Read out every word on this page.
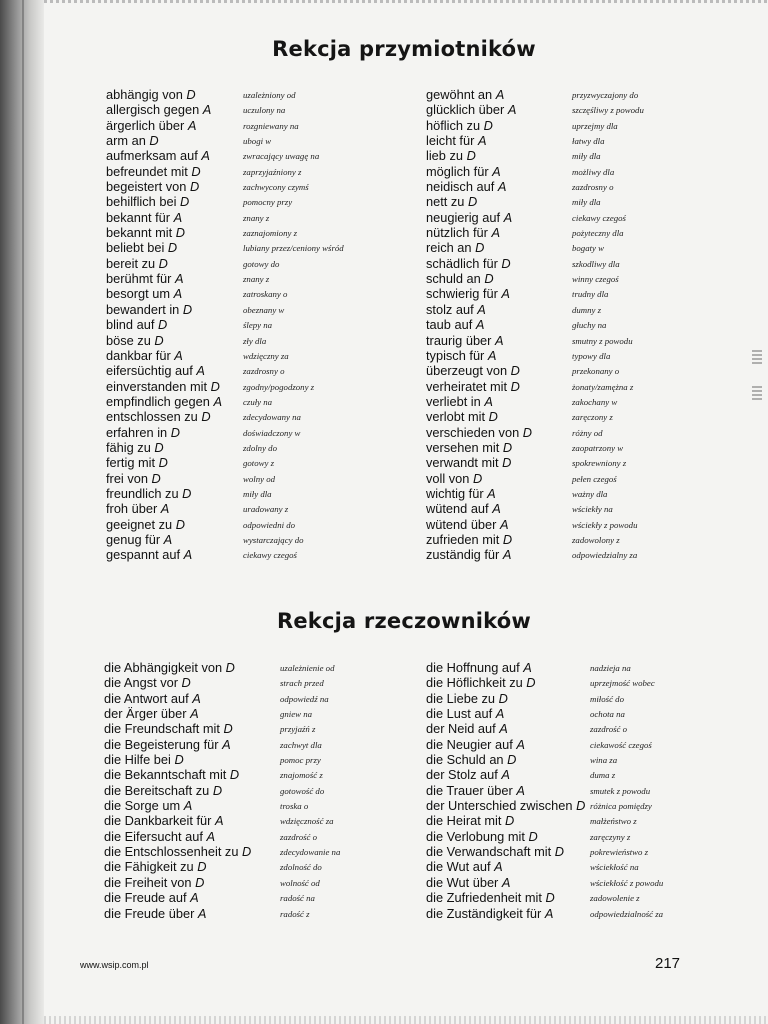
Rekcja przymiotników
abhängig von D	uzależniony od
allergisch gegen A	uczulony na
ärgerlich über A	rozgniewany na
arm an D	ubogi w
aufmerksam auf A	zwracający uwagę na
befreundet mit D	zaprzyjaźniony z
begeistert von D	zachwycony czymś
behilflich bei D	pomocny przy
bekannt für A	znany z
bekannt mit D	zaznajomiony z
beliebt bei D	lubiany przez/ceniony wśród
bereit zu D	gotowy do
berühmt für A	znany z
besorgt um A	zatroskany o
bewandert in D	obeznany w
blind auf D	ślepy na
böse zu D	zły dla
dankbar für A	wdzięczny za
eifersüchtig auf A	zazdrosny o
einverstanden mit D	zgodny/pogodzony z
empfindlich gegen A czuły na
entschlossen zu D	zdecydowany na
erfahren in D	doświadczony w
fähig zu D	zdolny do
fertig mit D	gotowy z
frei von D	wolny od
freundlich zu D	miły dla
froh über A	uradowany z
geeignet zu D	odpowiedni do
genug für A	wystarczający do
gespannt auf A	ciekawy czegoś
gewöhnt an A	przyzwyczajony do
glücklich über A	szczęśliwy z powodu
höflich zu D	uprzejmy dla
leicht für A	łatwy dla
lieb zu D	miły dla
möglich für A	możliwy dla
neidisch auf A	zazdrosny o
nett zu D	miły dla
neugierig auf A	ciekawy czegoś
nützlich für A	pożyteczny dla
reich an D	bogaty w
schädlich für D	szkodliwy dla
schuld an D	winny czegoś
schwierig für A	trudny dla
stolz auf A	dumny z
taub auf A	głuchy na
traurig über A	smutny z powodu
typisch für A	typowy dla
überzeugt von D	przekonany o
verheiratet mit D	żonaty/zamężna z
verliebt in A	zakochany w
verlobt mit D	zaręczony z
verschieden von D	różny od
versehen mit D	zaopatrzony w
verwandt mit D	spokrewniony z
voll von D	pełen czegoś
wichtig für A	ważny dla
wütend auf A	wściekły na
wütend über A	wściekły z powodu
zufrieden mit D	zadowolony z
zuständig für A	odpowiedzialny za
Rekcja rzeczowników
die Abhängigkeit von D	uzależnienie od
die Angst vor D	strach przed
die Antwort auf A	odpowiedź na
der Ärger über A	gniew na
die Freundschaft mit D	przyjaźń z
die Begeisterung für A	zachwyt dla
die Hilfe bei D	pomoc przy
die Bekanntschaft mit D	znajomość z
die Bereitschaft zu D	gotowość do
die Sorge um A	troska o
die Dankbarkeit für A	wdzięczność za
die Eifersucht auf A	zazdrość o
die Entschlossenheit zu D	zdecydowanie na
die Fähigkeit zu D	zdolność do
die Freiheit von D	wolność od
die Freude auf A	radość na
die Freude über A	radość z
die Hoffnung auf A	nadzieja na
die Höflichkeit zu D	uprzejmość wobec
die Liebe zu D	miłość do
die Lust auf A	ochota na
der Neid auf A	zazdrość o
die Neugier auf A	ciekawość czegoś
die Schuld an D	wina za
der Stolz auf A	duma z
die Trauer über A	smutek z powodu
der Unterschied zwischen D różnica pomiędzy
die Heirat mit D	małżeństwo z
die Verlobung mit D	zaręczyny z
die Verwandschaft mit D	pokrewieństwo z
die Wut auf A	wściekłość na
die Wut über A	wściekłość z powodu
die Zufriedenheit mit D	zadowolenie z
die Zuständigkeit für A	odpowiedzialność za
www.wsip.com.pl	217
